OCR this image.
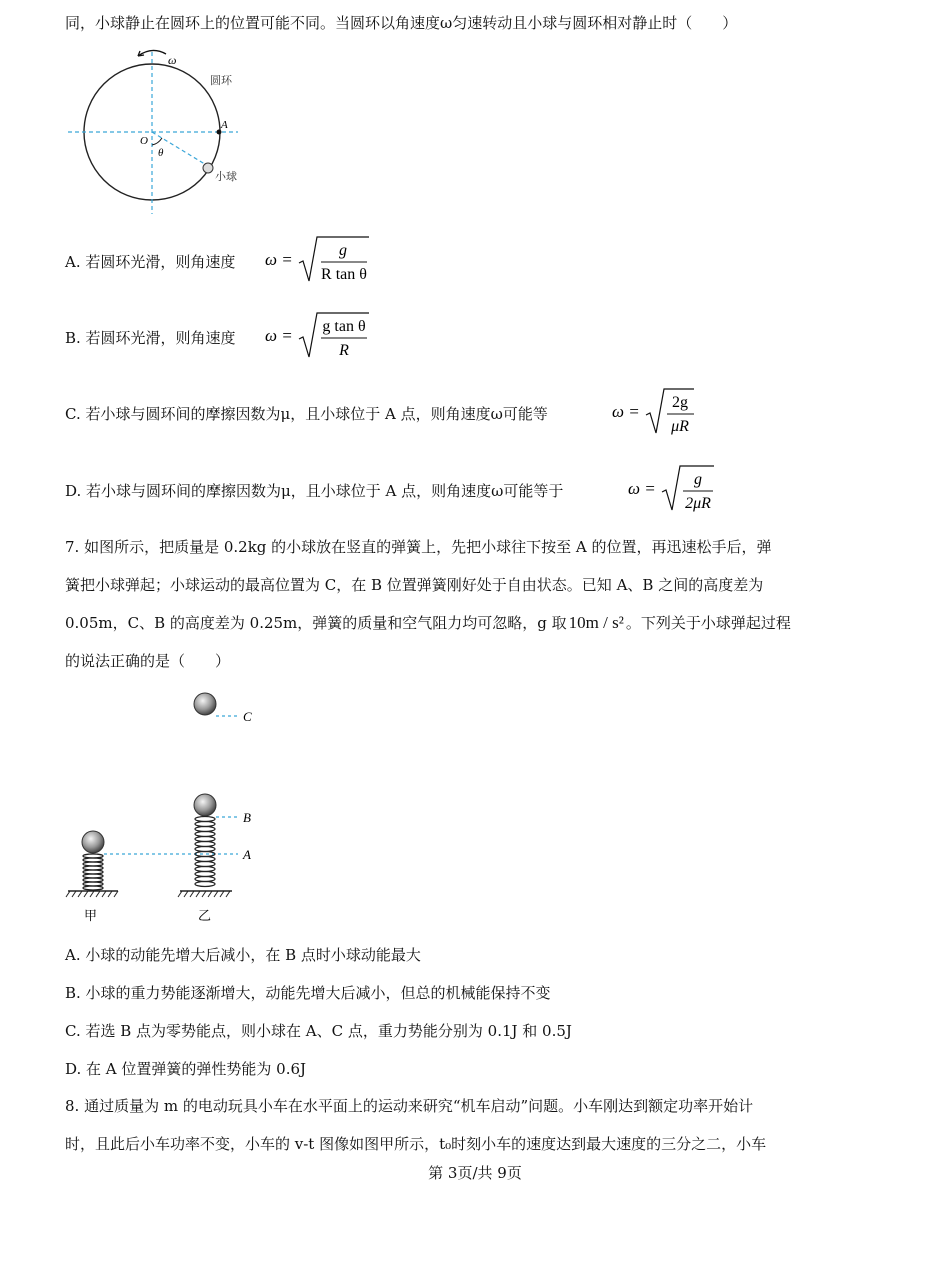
同，小球静止在圆环上的位置可能不同。当圆环以角速度ω匀速转动且小球与圆环相对静止时（　　）
ω
A
O
θ
小球
圆环
A. 若圆环光滑，则角速度 ω =	g
R tan θ
B. 若圆环光滑，则角速度 ω = g tan θ
R
C. 若小球与圆环间的摩擦因数为μ，且小球位于 A 点，则角速度ω可能等	ω = 2g
μR
D. 若小球与圆环间的摩擦因数为μ，且小球位于 A 点，则角速度ω可能等于	ω = g
2μR
7. 如图所示，把质量是 0.2kg 的小球放在竖直的弹簧上，先把小球往下按至 A 的位置，再迅速松手后，弹
簧把小球弹起；小球运动的最高位置为 C，在 B 位置弹簧刚好处于自由状态。已知 A、B 之间的高度差为
0.05m，C、B 的高度差为 0.25m，弹簧的质量和空气阻力均可忽略，g 取 10m / s² 。下列关于小球弹起过程
的说法正确的是（　　）
C
甲
A
B
乙
A. 小球的动能先增大后减小，在 B 点时小球动能最大
B. 小球的重力势能逐渐增大，动能先增大后减小，但总的机械能保持不变
C. 若选 B 点为零势能点，则小球在 A、C 点，重力势能分别为 0.1J 和 0.5J
D. 在 A 位置弹簧的弹性势能为 0.6J
8. 通过质量为 m 的电动玩具小车在水平面上的运动来研究“机车启动”问题。小车刚达到额定功率开始计
时，且此后小车功率不变，小车的 v-t 图像如图甲所示，t₀时刻小车的速度达到最大速度的三分之二，小车
第 3页/共 9页
